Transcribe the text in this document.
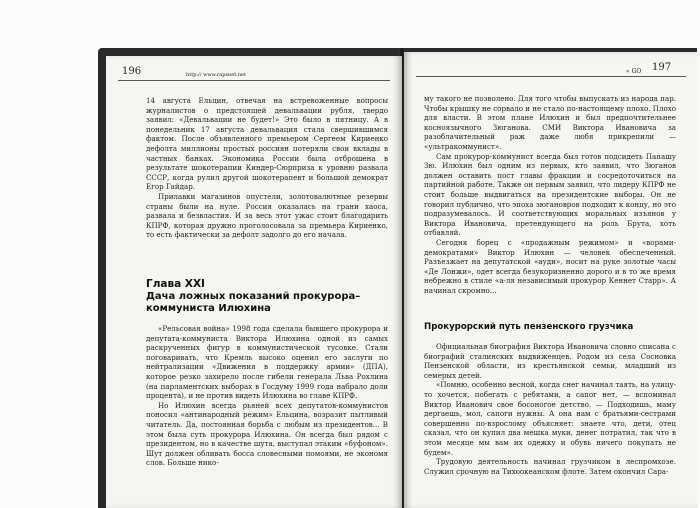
196	http:// www.rapsnet.net

14 августа Ельцин, отвечая на встревоженные вопросы журналистов о предстоящей девальвации рубля, твердо заявил: «Девальвации не будет!» Это было в пятницу. А в понедельник 17 августа девальвация стала свершившимся фактом. После объявленного премьером Сергеем Кириенко дефолта миллионы простых россиян потеряли свои вклады в частных банках. Экономика России была отброшена в результате шокотерапии Киндер-Сюрприза к уровню развала СССР, когда рулил другой шокотерапевт и большой демократ Егор Гайдар.

Прилавки магазинов опустели, золотовалютные резервы страны были на нуле. Россия оказалась на грани хаоса, развала и безвластия. И за весь этот ужас стоит благодарить КПРФ, которая дружно проголосовала за премьера Кириенко, то есть фактически за дефолт задолго до его начала.

Глава XXI
Дача ложных показаний прокурора–коммуниста Илюхина

«Рельсовая война» 1998 года сделала бывшего прокурора и депутата-коммуниста Виктора Илюхина одной из самых раскрученных фигур в коммунистической тусовке. Стали поговаривать, что Кремль высоко оценил его заслуги по нейтрализации «Движения в поддержку армии» (ДПА), которое резко захирело после гибели генерала Льва Рохлина (на парламентских выборах в Госдуму 1999 года набрало доли процента), и не против видеть Илюхина во главе КПРФ.

Но Илюхин всегда рьяней всех депутатов-коммунистов поносил «антинародный режим» Ельцина, возразит пытливый читатель. Да, постоянная борьба с любым из президентов... В этом была суть прокурора Илюхина. Он всегда был рядом с президентом, но в качестве шута, выступал этаким «буфоном». Шут должен обливать босса словесными помоями, не экономя слов. Больше нико-

« GO 197

му такого не позволено. Для того чтобы выпускать из народа пар. Чтобы крышку не сорвало и не стало по-настоящему плохо. Плохо для власти. В этом плане Илюхин и был предпочтительнее косноязычного Зюганова. СМИ Виктора Ивановича за разоблачительный раж даже любя прикрепили — «ультракоммунист».

Сам прокурор-коммунист всегда был готов подсидеть Папашу Зю. Илюхин был одним из первых, кто заявил, что Зюганов должен оставить пост главы фракции и сосредоточиться на партийной работе. Также он первым заявил, что лидеру КПРФ не стоит больше выдвигаться на президентские выборы. Он не говорил публично, что эпоха зюгановров подходит к концу, но это подразумевалось. И соответствующих моральных изъянов у Виктора Ивановича, претендующего на роль Брута, хоть отбавляй.

Сегодня борец с «продажным режимом» и «ворами-демократами» Виктор Илюхин — человек обеспеченный. Разъезжает на депутатской «ауди», носит на руке золотые часы «Де Лонжи», одет всегда безукоризненно дорого и в то же время небрежно в стиле «а-ля независимый прокурор Кеннет Старр». А начинал скромно...

Прокурорский путь пензенского грузчика

Официальная биография Виктора Ивановича словно списана с биографий сталинских выдвиженцев. Родом из села Сосновка Пензенской области, из крестьянской семьи, младший из семерых детей.

«Помню, особенно весной, когда снег начинал таять, на улицу-то хочется, побегать с ребятами, а сапог нет, — вспоминал Виктор Иванович свое босоногое детство. — Подходишь, маму дергаешь, мол, сапоги нужны. А она нам с братьями-сестрами совершенно по-взрослому объясняет: знаете что, дети, отец сказал, что он купил два мешка муки, денег потратил, так что в этом месяце мы вам их одежку и обувь ничего покупать не будем».

Трудовую деятельность начинал грузчиком в леспромхозе. Служил срочную на Тихоокеанском флоте. Затем окончил Сара-
